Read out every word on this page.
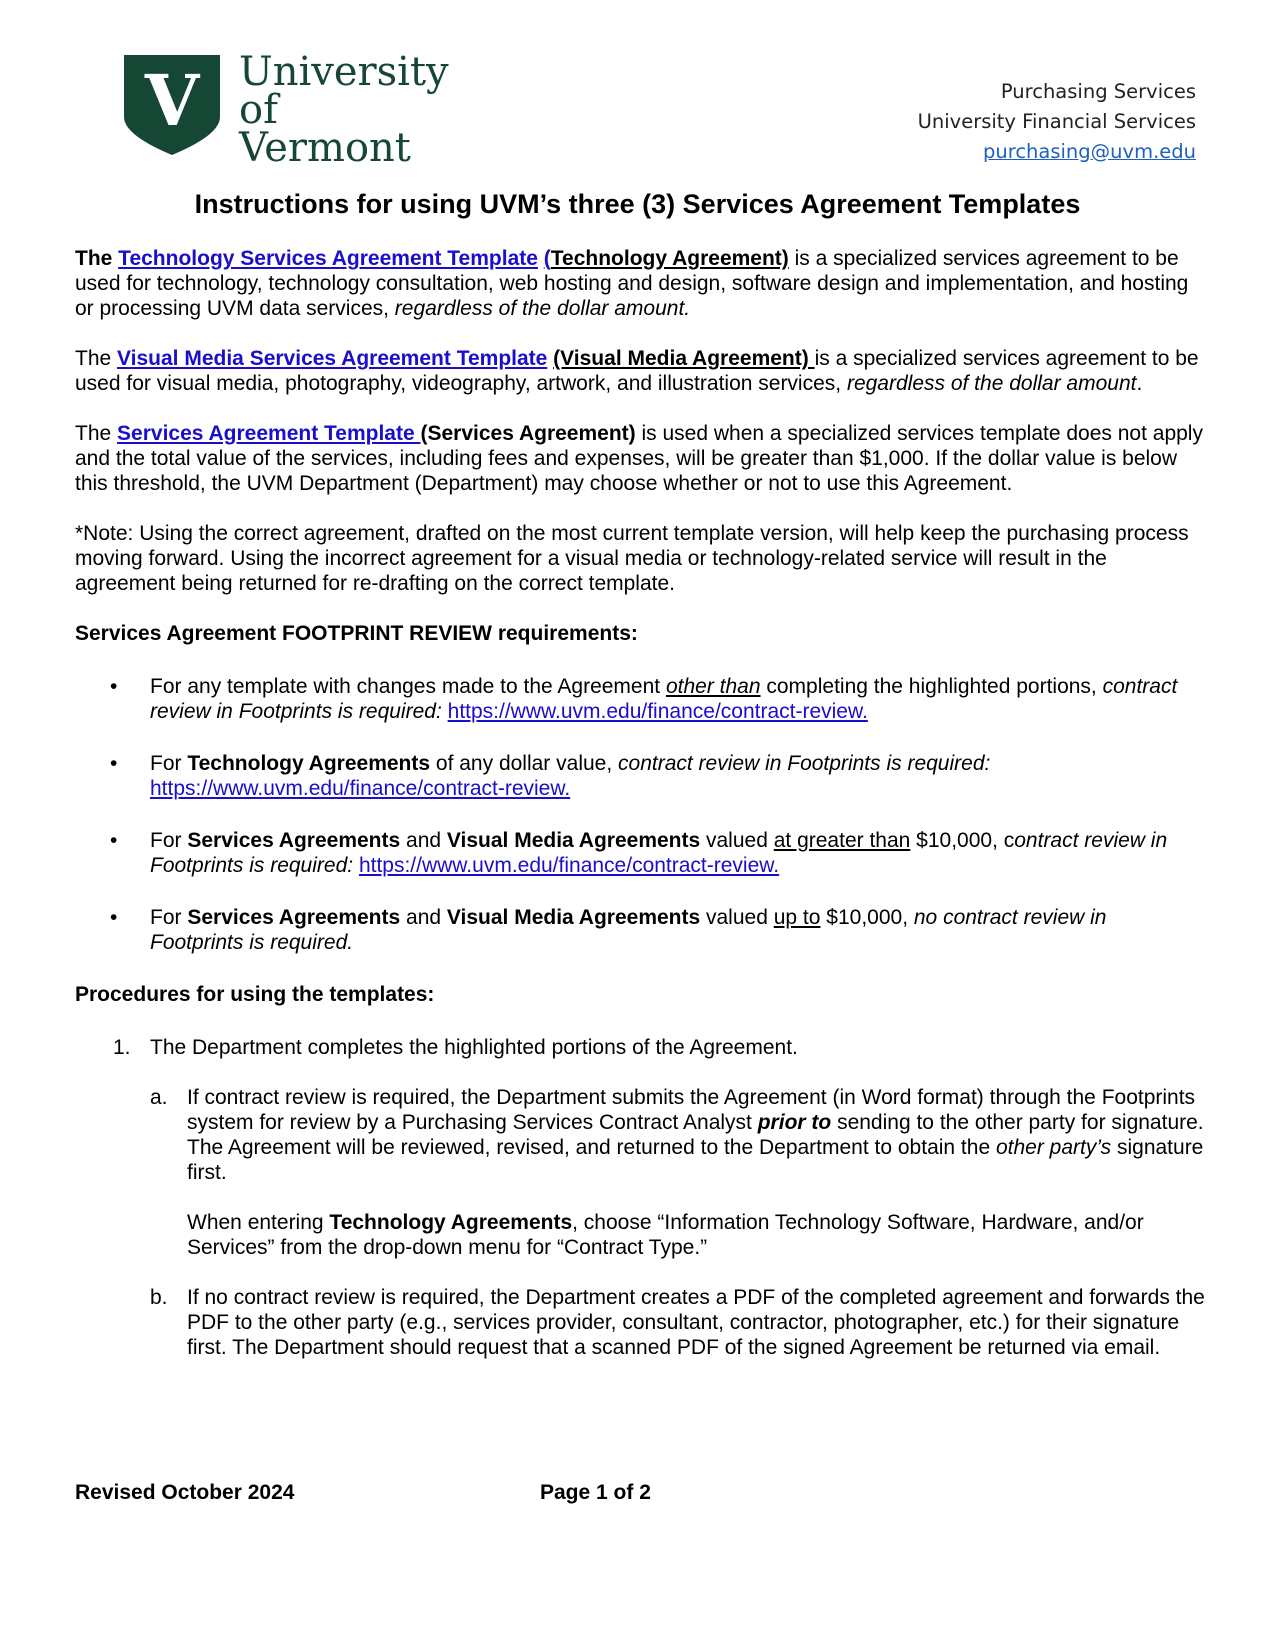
V University
of Vermont
Purchasing Services
University Financial Services
purchasing@uvm.edu
Instructions for using UVM’s three (3) Services Agreement Templates

The Technology Services Agreement Template (Technology Agreement) is a specialized services agreement to be used for technology, technology consultation, web hosting and design, software design and implementation, and hosting or processing UVM data services, regardless of the dollar amount.

The Visual Media Services Agreement Template (Visual Media Agreement) is a specialized services agreement to be used for visual media, photography, videography, artwork, and illustration services, regardless of the dollar amount.

The Services Agreement Template (Services Agreement) is used when a specialized services template does not apply and the total value of the services, including fees and expenses, will be greater than $1,000. If the dollar value is below this threshold, the UVM Department (Department) may choose whether or not to use this Agreement.

*Note: Using the correct agreement, drafted on the most current template version, will help keep the purchasing process moving forward. Using the incorrect agreement for a visual media or technology-related service will result in the agreement being returned for re-drafting on the correct template.

Services Agreement FOOTPRINT REVIEW requirements:
• For any template with changes made to the Agreement other than completing the highlighted portions, contract review in Footprints is required: https://www.uvm.edu/finance/contract-review.
• For Technology Agreements of any dollar value, contract review in Footprints is required:
https://www.uvm.edu/finance/contract-review.
• For Services Agreements and Visual Media Agreements valued at greater than $10,000, contract review in Footprints is required: https://www.uvm.edu/finance/contract-review.
• For Services Agreements and Visual Media Agreements valued up to $10,000, no contract review in Footprints is required.
Procedures for using the templates:
1. The Department completes the highlighted portions of the Agreement.
a. If contract review is required, the Department submits the Agreement (in Word format) through the Footprints system for review by a Purchasing Services Contract Analyst prior to sending to the other party for signature. The Agreement will be reviewed, revised, and returned to the Department to obtain the other party’s signature first.
When entering Technology Agreements, choose “Information Technology Software, Hardware, and/or Services” from the drop-down menu for “Contract Type.”
b. If no contract review is required, the Department creates a PDF of the completed agreement and forwards the PDF to the other party (e.g., services provider, consultant, contractor, photographer, etc.) for their signature first. The Department should request that a scanned PDF of the signed Agreement be returned via email.
Revised October 2024	Page 1 of 2
